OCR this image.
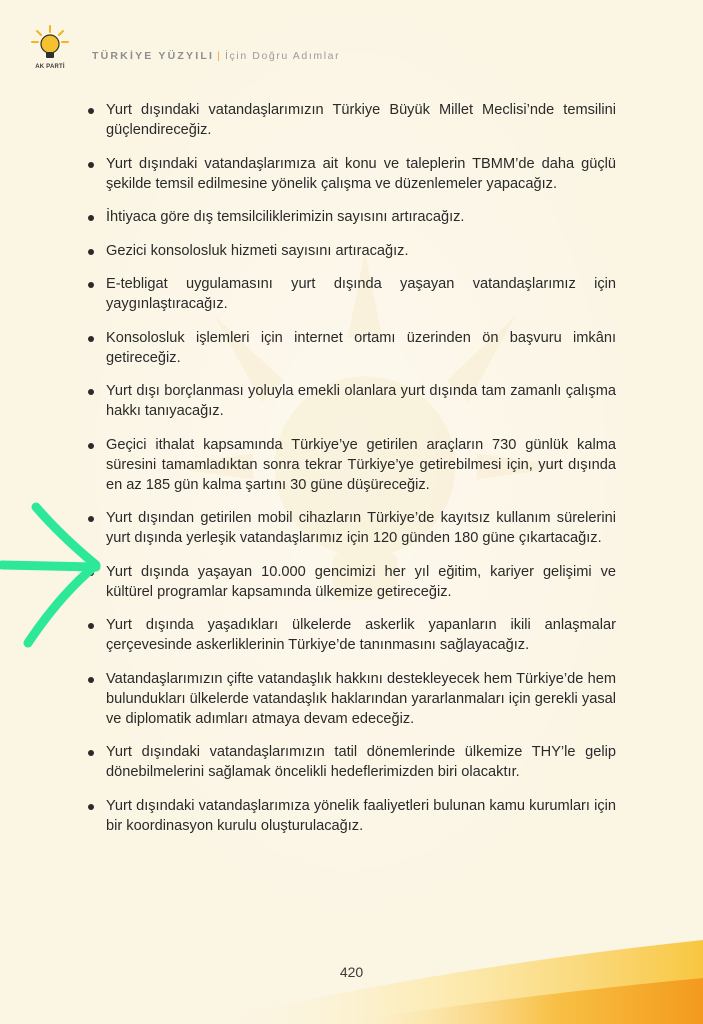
AK PARTİ
TÜRKİYE YÜZYILI | İçin Doğru Adımlar
Yurt dışındaki vatandaşlarımızın Türkiye Büyük Millet Meclisi’nde temsilini güçlendireceğiz.
Yurt dışındaki vatandaşlarımıza ait konu ve taleplerin TBMM’de daha güçlü şekilde temsil edilmesine yönelik çalışma ve düzenlemeler yapacağız.
İhtiyaca göre dış temsilciliklerimizin sayısını artıracağız.
Gezici konsolosluk hizmeti sayısını artıracağız.
E-tebligat uygulamasını yurt dışında yaşayan vatandaşlarımız için yaygınlaştıracağız.
Konsolosluk işlemleri için internet ortamı üzerinden ön başvuru imkânı getireceğiz.
Yurt dışı borçlanması yoluyla emekli olanlara yurt dışında tam zamanlı çalışma hakkı tanıyacağız.
Geçici ithalat kapsamında Türkiye’ye getirilen araçların 730 günlük kalma süresini tamamladıktan sonra tekrar Türkiye’ye getirebilmesi için, yurt dışında en az 185 gün kalma şartını 30 güne düşüreceğiz.
Yurt dışından getirilen mobil cihazların Türkiye’de kayıtsız kullanım sürelerini yurt dışında yerleşik vatandaşlarımız için 120 günden 180 güne çıkartacağız.
Yurt dışında yaşayan 10.000 gencimizi her yıl eğitim, kariyer gelişimi ve kültürel programlar kapsamında ülkemize getireceğiz.
Yurt dışında yaşadıkları ülkelerde askerlik yapanların ikili anlaşmalar çerçevesinde askerliklerinin Türkiye’de tanınmasını sağlayacağız.
Vatandaşlarımızın çifte vatandaşlık hakkını destekleyecek hem Türkiye’de hem bulundukları ülkelerde vatandaşlık haklarından yararlanmaları için gerekli yasal ve diplomatik adımları atmaya devam edeceğiz.
Yurt dışındaki vatandaşlarımızın tatil dönemlerinde ülkemize THY’le gelip dönebilmelerini sağlamak öncelikli hedeflerimizden biri olacaktır.
Yurt dışındaki vatandaşlarımıza yönelik faaliyetleri bulunan kamu kurumları için bir koordinasyon kurulu oluşturulacağız.
420
